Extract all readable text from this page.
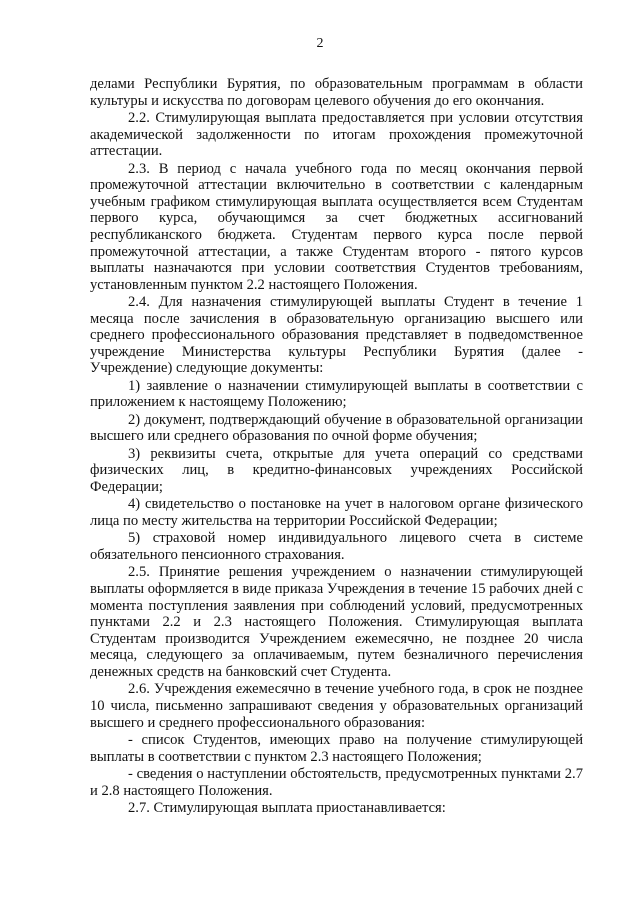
2

делами Республики Бурятия, по образовательным программам в области культуры и искусства по договорам целевого обучения до его окончания.

2.2. Стимулирующая выплата предоставляется при условии отсутствия академической задолженности по итогам прохождения промежуточной аттестации.

2.3. В период с начала учебного года по месяц окончания первой промежуточной аттестации включительно в соответствии с календарным учебным графиком стимулирующая выплата осуществляется всем Студентам первого курса, обучающимся за счет бюджетных ассигнований республиканского бюджета. Студентам первого курса после первой промежуточной аттестации, а также Студентам второго - пятого курсов выплаты назначаются при условии соответствия Студентов требованиям, установленным пунктом 2.2 настоящего Положения.

2.4. Для назначения стимулирующей выплаты Студент в течение 1 месяца после зачисления в образовательную организацию высшего или среднего профессионального образования представляет в подведомственное учреждение Министерства культуры Республики Бурятия (далее - Учреждение) следующие документы:

1) заявление о назначении стимулирующей выплаты в соответствии с приложением к настоящему Положению;

2) документ, подтверждающий обучение в образовательной организации высшего или среднего образования по очной форме обучения;

3) реквизиты счета, открытые для учета операций со средствами физических лиц, в кредитно-финансовых учреждениях Российской Федерации;

4) свидетельство о постановке на учет в налоговом органе физического лица по месту жительства на территории Российской Федерации;

5) страховой номер индивидуального лицевого счета в системе обязательного пенсионного страхования.

2.5. Принятие решения учреждением о назначении стимулирующей выплаты оформляется в виде приказа Учреждения в течение 15 рабочих дней с момента поступления заявления при соблюдений условий, предусмотренных пунктами 2.2 и 2.3 настоящего Положения. Стимулирующая выплата Студентам производится Учреждением ежемесячно, не позднее 20 числа месяца, следующего за оплачиваемым, путем безналичного перечисления денежных средств на банковский счет Студента.

2.6. Учреждения ежемесячно в течение учебного года, в срок не позднее 10 числа, письменно запрашивают сведения у образовательных организаций высшего и среднего профессионального образования:

- список Студентов, имеющих право на получение стимулирующей выплаты в соответствии с пунктом 2.3 настоящего Положения;

- сведения о наступлении обстоятельств, предусмотренных пунктами 2.7 и 2.8 настоящего Положения.

2.7. Стимулирующая выплата приостанавливается:
